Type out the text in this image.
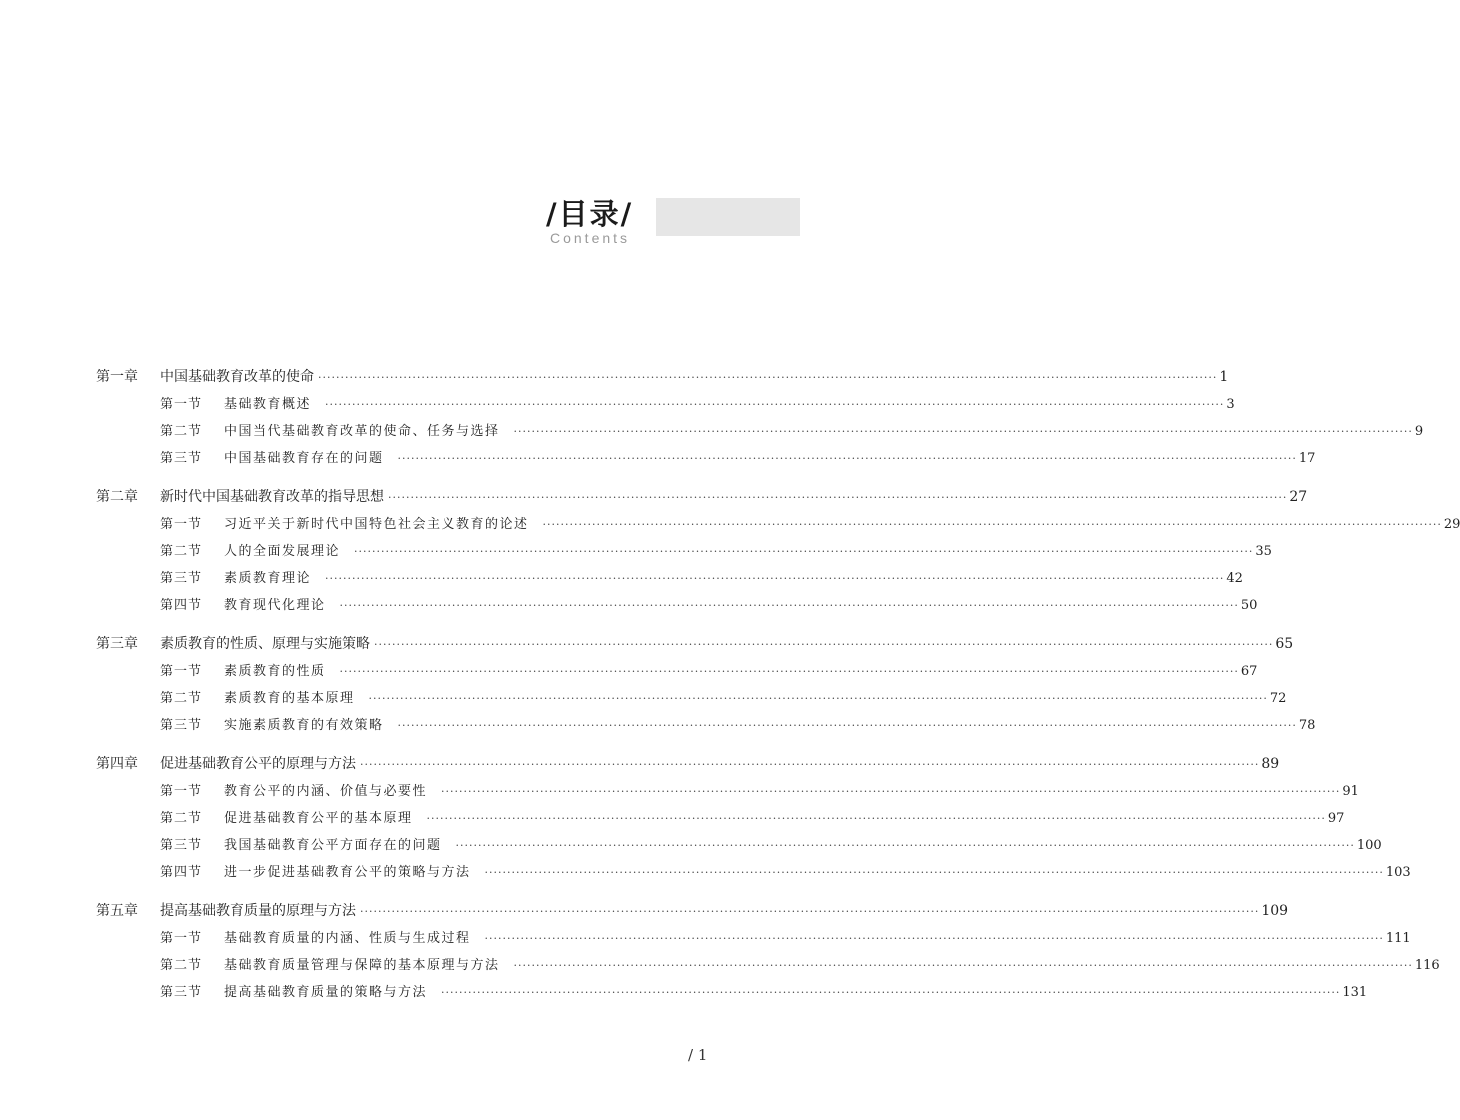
/目录/
Contents
第一章	中国基础教育改革的使命 ········································································································································································································ 1
第一节	基础教育概述 ········································································································································································································ 3
第二节	中国当代基础教育改革的使命、任务与选择 ········································································································································································································ 9
第三节	中国基础教育存在的问题 ········································································································································································································ 17
第二章	新时代中国基础教育改革的指导思想 ········································································································································································································ 27
第一节	习近平关于新时代中国特色社会主义教育的论述 ········································································································································································································ 29
第二节	人的全面发展理论 ········································································································································································································ 35
第三节	素质教育理论 ········································································································································································································ 42
第四节	教育现代化理论 ········································································································································································································ 50
第三章	素质教育的性质、原理与实施策略 ········································································································································································································ 65
第一节	素质教育的性质 ········································································································································································································ 67
第二节	素质教育的基本原理 ········································································································································································································ 72
第三节	实施素质教育的有效策略 ········································································································································································································ 78
第四章	促进基础教育公平的原理与方法 ········································································································································································································ 89
第一节	教育公平的内涵、价值与必要性 ········································································································································································································ 91
第二节	促进基础教育公平的基本原理 ········································································································································································································ 97
第三节	我国基础教育公平方面存在的问题 ········································································································································································································ 100
第四节	进一步促进基础教育公平的策略与方法 ········································································································································································································ 103
第五章	提高基础教育质量的原理与方法 ········································································································································································································ 109
第一节	基础教育质量的内涵、性质与生成过程 ········································································································································································································ 111
第二节	基础教育质量管理与保障的基本原理与方法 ········································································································································································································ 116
第三节	提高基础教育质量的策略与方法 ········································································································································································································ 131
/ 1
